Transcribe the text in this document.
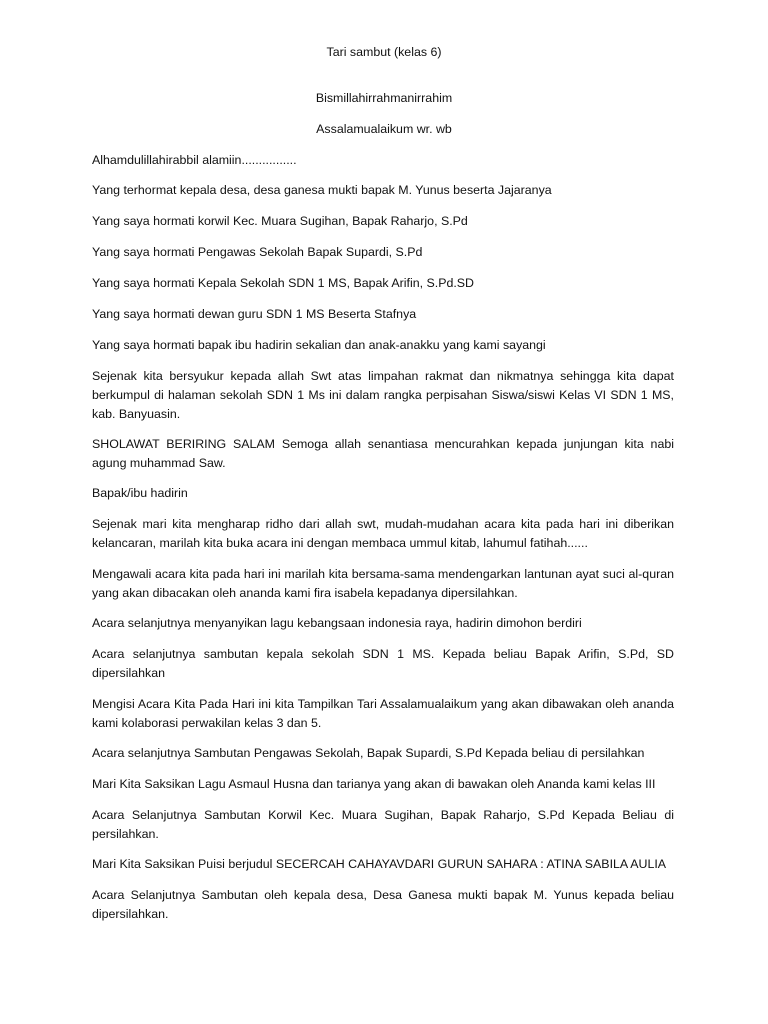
Tari sambut (kelas 6)

Bismillahirrahmanirrahim

Assalamualaikum wr. wb

Alhamdulillahirabbil alamiin................

Yang terhormat kepala desa, desa ganesa mukti bapak M. Yunus beserta Jajaranya

Yang saya hormati korwil Kec. Muara Sugihan, Bapak Raharjo, S.Pd

Yang saya hormati Pengawas Sekolah Bapak Supardi, S.Pd

Yang saya hormati Kepala Sekolah SDN 1 MS, Bapak Arifin, S.Pd.SD

Yang saya hormati dewan guru SDN 1 MS Beserta Stafnya

Yang saya hormati bapak ibu hadirin sekalian dan anak-anakku yang kami sayangi

Sejenak kita bersyukur kepada allah Swt atas limpahan rakmat dan nikmatnya sehingga kita dapat berkumpul di halaman sekolah SDN 1 Ms ini dalam rangka perpisahan Siswa/siswi Kelas VI SDN 1 MS, kab. Banyuasin.

SHOLAWAT BERIRING SALAM Semoga allah senantiasa mencurahkan kepada junjungan kita nabi agung muhammad Saw.

Bapak/ibu hadirin

Sejenak mari kita mengharap ridho dari allah swt, mudah-mudahan acara kita pada hari ini diberikan kelancaran, marilah kita buka acara ini dengan membaca ummul kitab, lahumul fatihah......

Mengawali acara kita pada hari ini marilah kita bersama-sama mendengarkan lantunan ayat suci al-quran yang akan dibacakan oleh ananda kami fira isabela kepadanya dipersilahkan.

Acara selanjutnya menyanyikan lagu kebangsaan indonesia raya, hadirin dimohon berdiri

Acara selanjutnya sambutan kepala sekolah SDN 1 MS. Kepada beliau Bapak Arifin, S.Pd, SD dipersilahkan

Mengisi Acara Kita Pada Hari ini kita Tampilkan Tari Assalamualaikum yang akan dibawakan oleh ananda kami kolaborasi perwakilan kelas 3 dan 5.

Acara selanjutnya Sambutan Pengawas Sekolah, Bapak Supardi, S.Pd Kepada beliau di persilahkan

Mari Kita Saksikan Lagu Asmaul Husna dan tarianya yang akan di bawakan oleh Ananda kami kelas III

Acara Selanjutnya Sambutan Korwil Kec. Muara Sugihan, Bapak Raharjo, S.Pd Kepada Beliau di persilahkan.

Mari Kita Saksikan Puisi berjudul SECERCAH CAHAYAVDARI GURUN SAHARA : ATINA SABILA AULIA

Acara Selanjutnya Sambutan oleh kepala desa, Desa Ganesa mukti bapak M. Yunus kepada beliau dipersilahkan.
